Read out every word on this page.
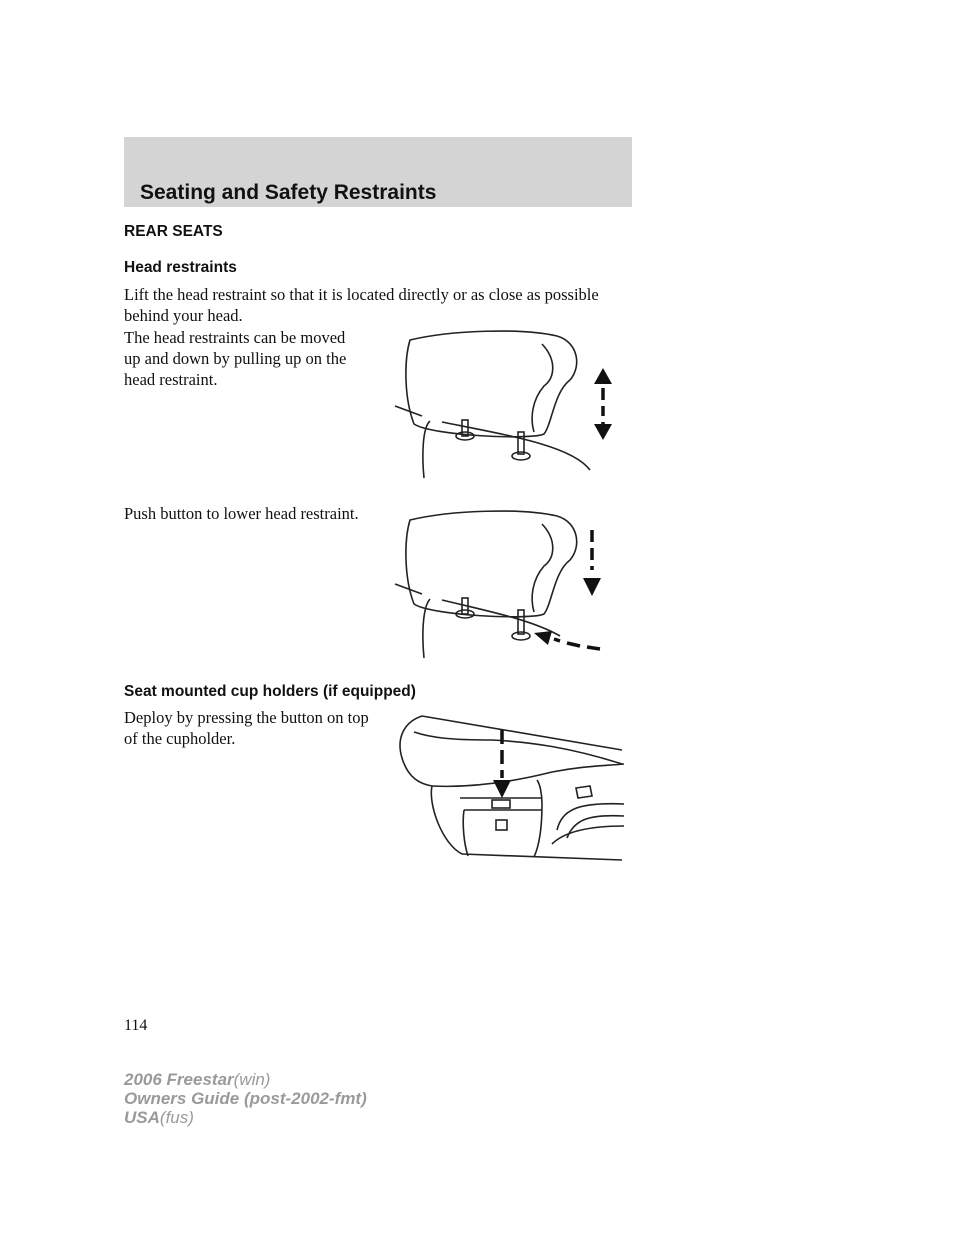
Seating and Safety Restraints
REAR SEATS
Head restraints
Lift the head restraint so that it is located directly or as close as possible behind your head.
The head restraints can be moved up and down by pulling up on the head restraint.
Push button to lower head restraint.
Seat mounted cup holders (if equipped)
Deploy by pressing the button on top of the cupholder.
114
2006 Freestar(win)
Owners Guide (post-2002-fmt)
USA(fus)
